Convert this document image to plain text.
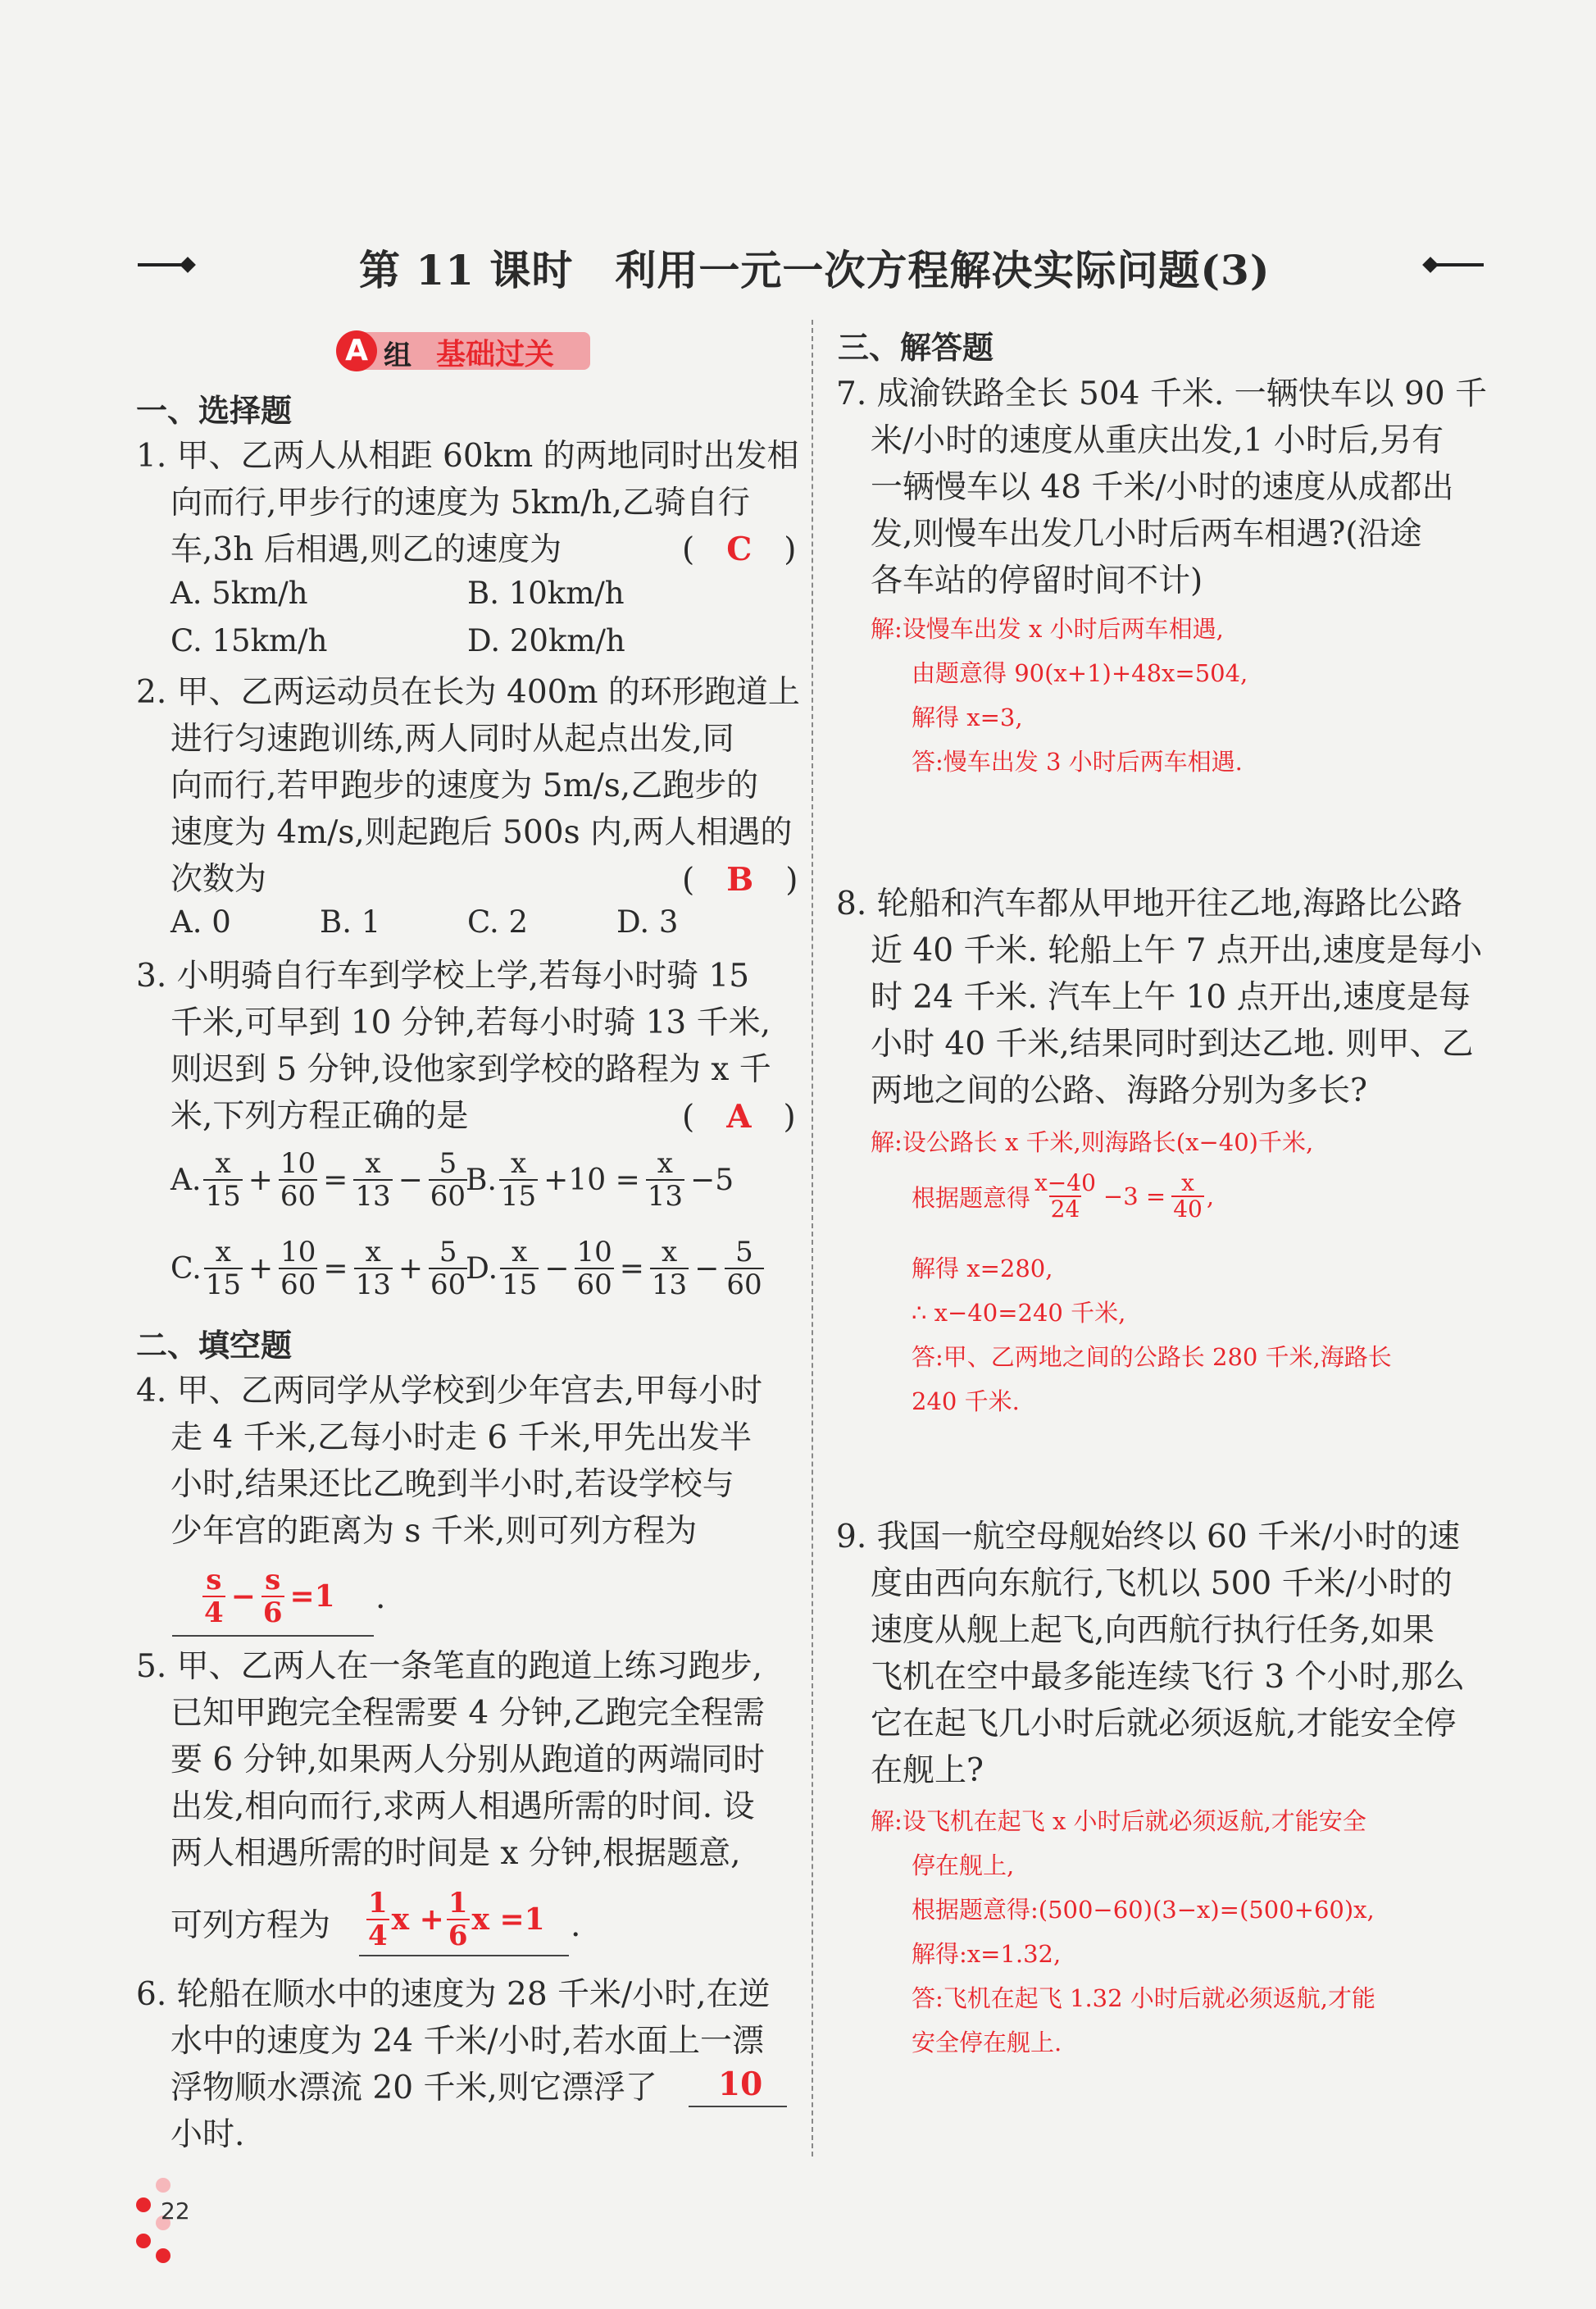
第 11 课时　利用一元一次方程解决实际问题(3)
A 组 基础过关
一、选择题
1. 甲、乙两人从相距 60km 的两地同时出发相
向而行,甲步行的速度为 5km/h,乙骑自行
车,3h 后相遇,则乙的速度为	(　C　)
A. 5km/h	B. 10km/h
C. 15km/h	D. 20km/h
2. 甲、乙两运动员在长为 400m 的环形跑道上
进行匀速跑训练,两人同时从起点出发,同
向而行,若甲跑步的速度为 5m/s,乙跑步的
速度为 4m/s,则起跑后 500s 内,两人相遇的
次数为	(　B　)
A. 0	B. 1	C. 2	D. 3
3. 小明骑自行车到学校上学,若每小时骑 15
千米,可早到 10 分钟,若每小时骑 13 千米,
则迟到 5 分钟,设他家到学校的路程为 x 千
米,下列方程正确的是	(　A　)
A. $\frac{x}{15} + \frac{10}{60} = \frac{x}{13} - \frac{5}{60}$
B. $\frac{x}{15} +10 = \frac{x}{13} -5$
C. $\frac{x}{15} + \frac{10}{60} = \frac{x}{13} + \frac{5}{60}$
D. $\frac{x}{15} - \frac{10}{60} = \frac{x}{13} - \frac{5}{60}$
二、填空题
4. 甲、乙两同学从学校到少年宫去,甲每小时
走 4 千米,乙每小时走 6 千米,甲先出发半
小时,结果还比乙晚到半小时,若设学校与
少年宫的距离为 s 千米,则可列方程为
$\frac{s}{4} - \frac{s}{6} =1$ .
5. 甲、乙两人在一条笔直的跑道上练习跑步,
已知甲跑完全程需要 4 分钟,乙跑完全程需
要 6 分钟,如果两人分别从跑道的两端同时
出发,相向而行,求两人相遇所需的时间. 设
两人相遇所需的时间是 x 分钟,根据题意,
可列方程为 $\frac{1}{4}$ $x + \frac{1}{6}$ x =1 .
6. 轮船在顺水中的速度为 28 千米/小时,在逆
水中的速度为 24 千米/小时,若水面上一漂
浮物顺水漂流 20 千米,则它漂浮了
小时.
10
三、解答题
7. 成渝铁路全长 504 千米. 一辆快车以 90 千
米/小时的速度从重庆出发,1 小时后,另有
一辆慢车以 48 千米/小时的速度从成都出
发,则慢车出发几小时后两车相遇?(沿途
各车站的停留时间不计)
解:设慢车出发 x 小时后两车相遇,
由题意得 90(x+1)+48x=504,
解得 x=3,
答:慢车出发 3 小时后两车相遇.
8. 轮船和汽车都从甲地开往乙地,海路比公路
近 40 千米. 轮船上午 7 点开出,速度是每小
时 24 千米. 汽车上午 10 点开出,速度是每
小时 40 千米,结果同时到达乙地. 则甲、乙
两地之间的公路、海路分别为多长?
解:设公路长 x 千米,则海路长(x−40)千米,
根据题意得 $\frac{x-40}{24} -3 = \frac{x}{40}$ ,
解得 x=280,
∴ x−40=240 千米,
答:甲、乙两地之间的公路长 280 千米,海路长
240 千米.
9. 我国一航空母舰始终以 60 千米/小时的速
度由西向东航行,飞机以 500 千米/小时的
速度从舰上起飞,向西航行执行任务,如果
飞机在空中最多能连续飞行 3 个小时,那么
它在起飞几小时后就必须返航,才能安全停
在舰上?
解:设飞机在起飞 x 小时后就必须返航,才能安全
停在舰上,
根据题意得:(500−60)(3−x)=(500+60)x,
解得:x=1.32,
答:飞机在起飞 1.32 小时后就必须返航,才能
安全停在舰上.
22
